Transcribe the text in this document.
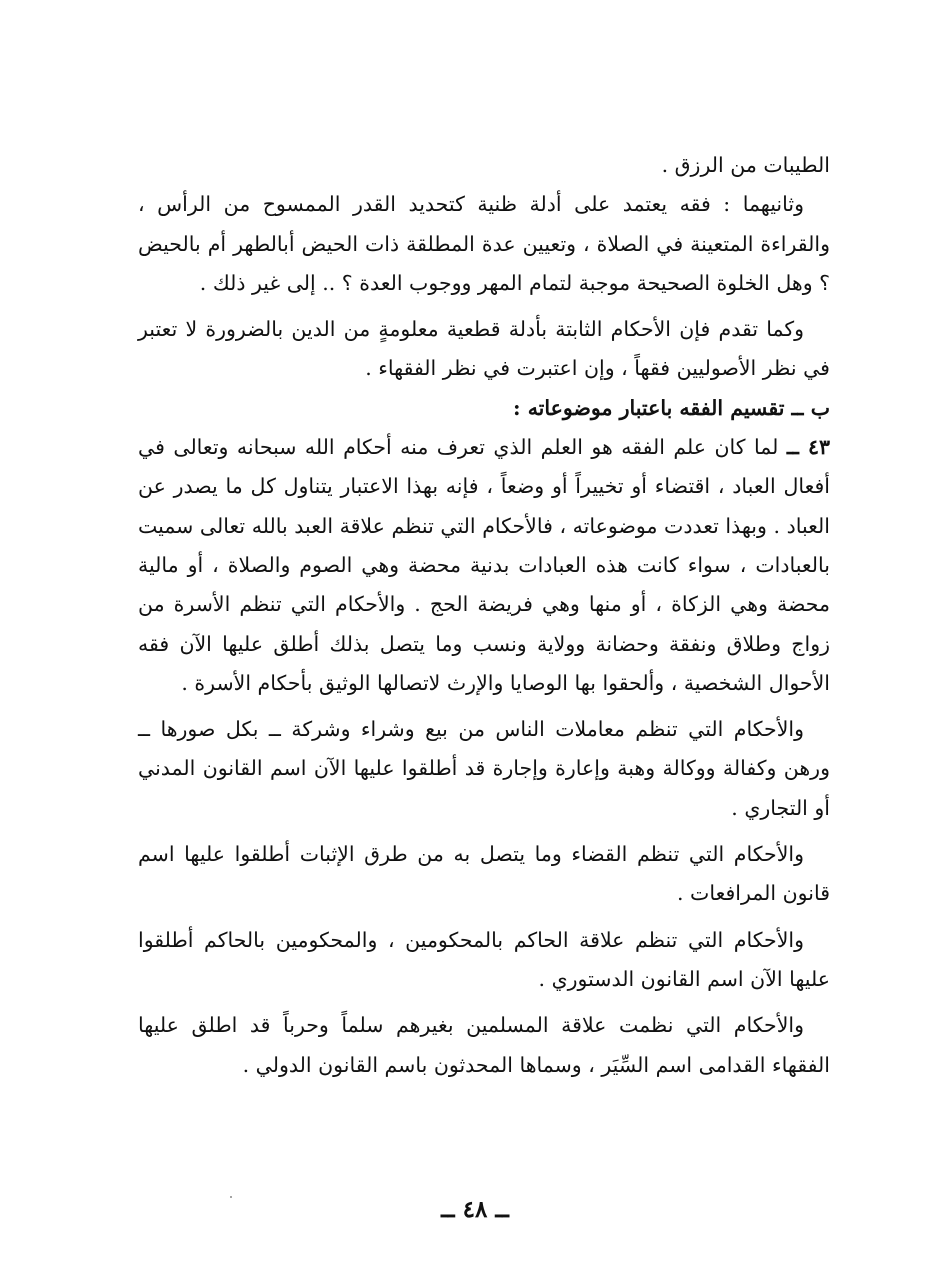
الطيبات من الرزق .

وثانيهما : فقه يعتمد على أدلة ظنية كتحديد القدر الممسوح من الرأس ، والقراءة المتعينة في الصلاة ، وتعيين عدة المطلقة ذات الحيض أبالطهر أم بالحيض ؟ وهل الخلوة الصحيحة موجبة لتمام المهر ووجوب العدة ؟ .. إلى غير ذلك .

وكما تقدم فإن الأحكام الثابتة بأدلة قطعية معلومةٍ من الدين بالضرورة لا تعتبر في نظر الأصوليين فقهاً ، وإن اعتبرت في نظر الفقهاء .

ب ــ تقسيم الفقه باعتبار موضوعاته :

٤٣ ــ لما كان علم الفقه هو العلم الذي تعرف منه أحكام الله سبحانه وتعالى في أفعال العباد ، اقتضاء أو تخييراً أو وضعاً ، فإنه بهذا الاعتبار يتناول كل ما يصدر عن العباد . وبهذا تعددت موضوعاته ، فالأحكام التي تنظم علاقة العبد بالله تعالى سميت بالعبادات ، سواء كانت هذه العبادات بدنية محضة وهي الصوم والصلاة ، أو مالية محضة وهي الزكاة ، أو منها وهي فريضة الحج . والأحكام التي تنظم الأسرة من زواج وطلاق ونفقة وحضانة وولاية ونسب وما يتصل بذلك أطلق عليها الآن فقه الأحوال الشخصية ، وألحقوا بها الوصايا والإرث لاتصالها الوثيق بأحكام الأسرة .

والأحكام التي تنظم معاملات الناس من بيع وشراء وشركة ــ بكل صورها ــ ورهن وكفالة ووكالة وهبة وإعارة وإجارة قد أطلقوا عليها الآن اسم القانون المدني أو التجاري .

والأحكام التي تنظم القضاء وما يتصل به من طرق الإثبات أطلقوا عليها اسم قانون المرافعات .

والأحكام التي تنظم علاقة الحاكم بالمحكومين ، والمحكومين بالحاكم أطلقوا عليها الآن اسم القانون الدستوري .

والأحكام التي نظمت علاقة المسلمين بغيرهم سلماً وحرباً قد اطلق عليها الفقهاء القدامى اسم السِّيَر ، وسماها المحدثون باسم القانون الدولي .

ــ ٤٨ ــ
